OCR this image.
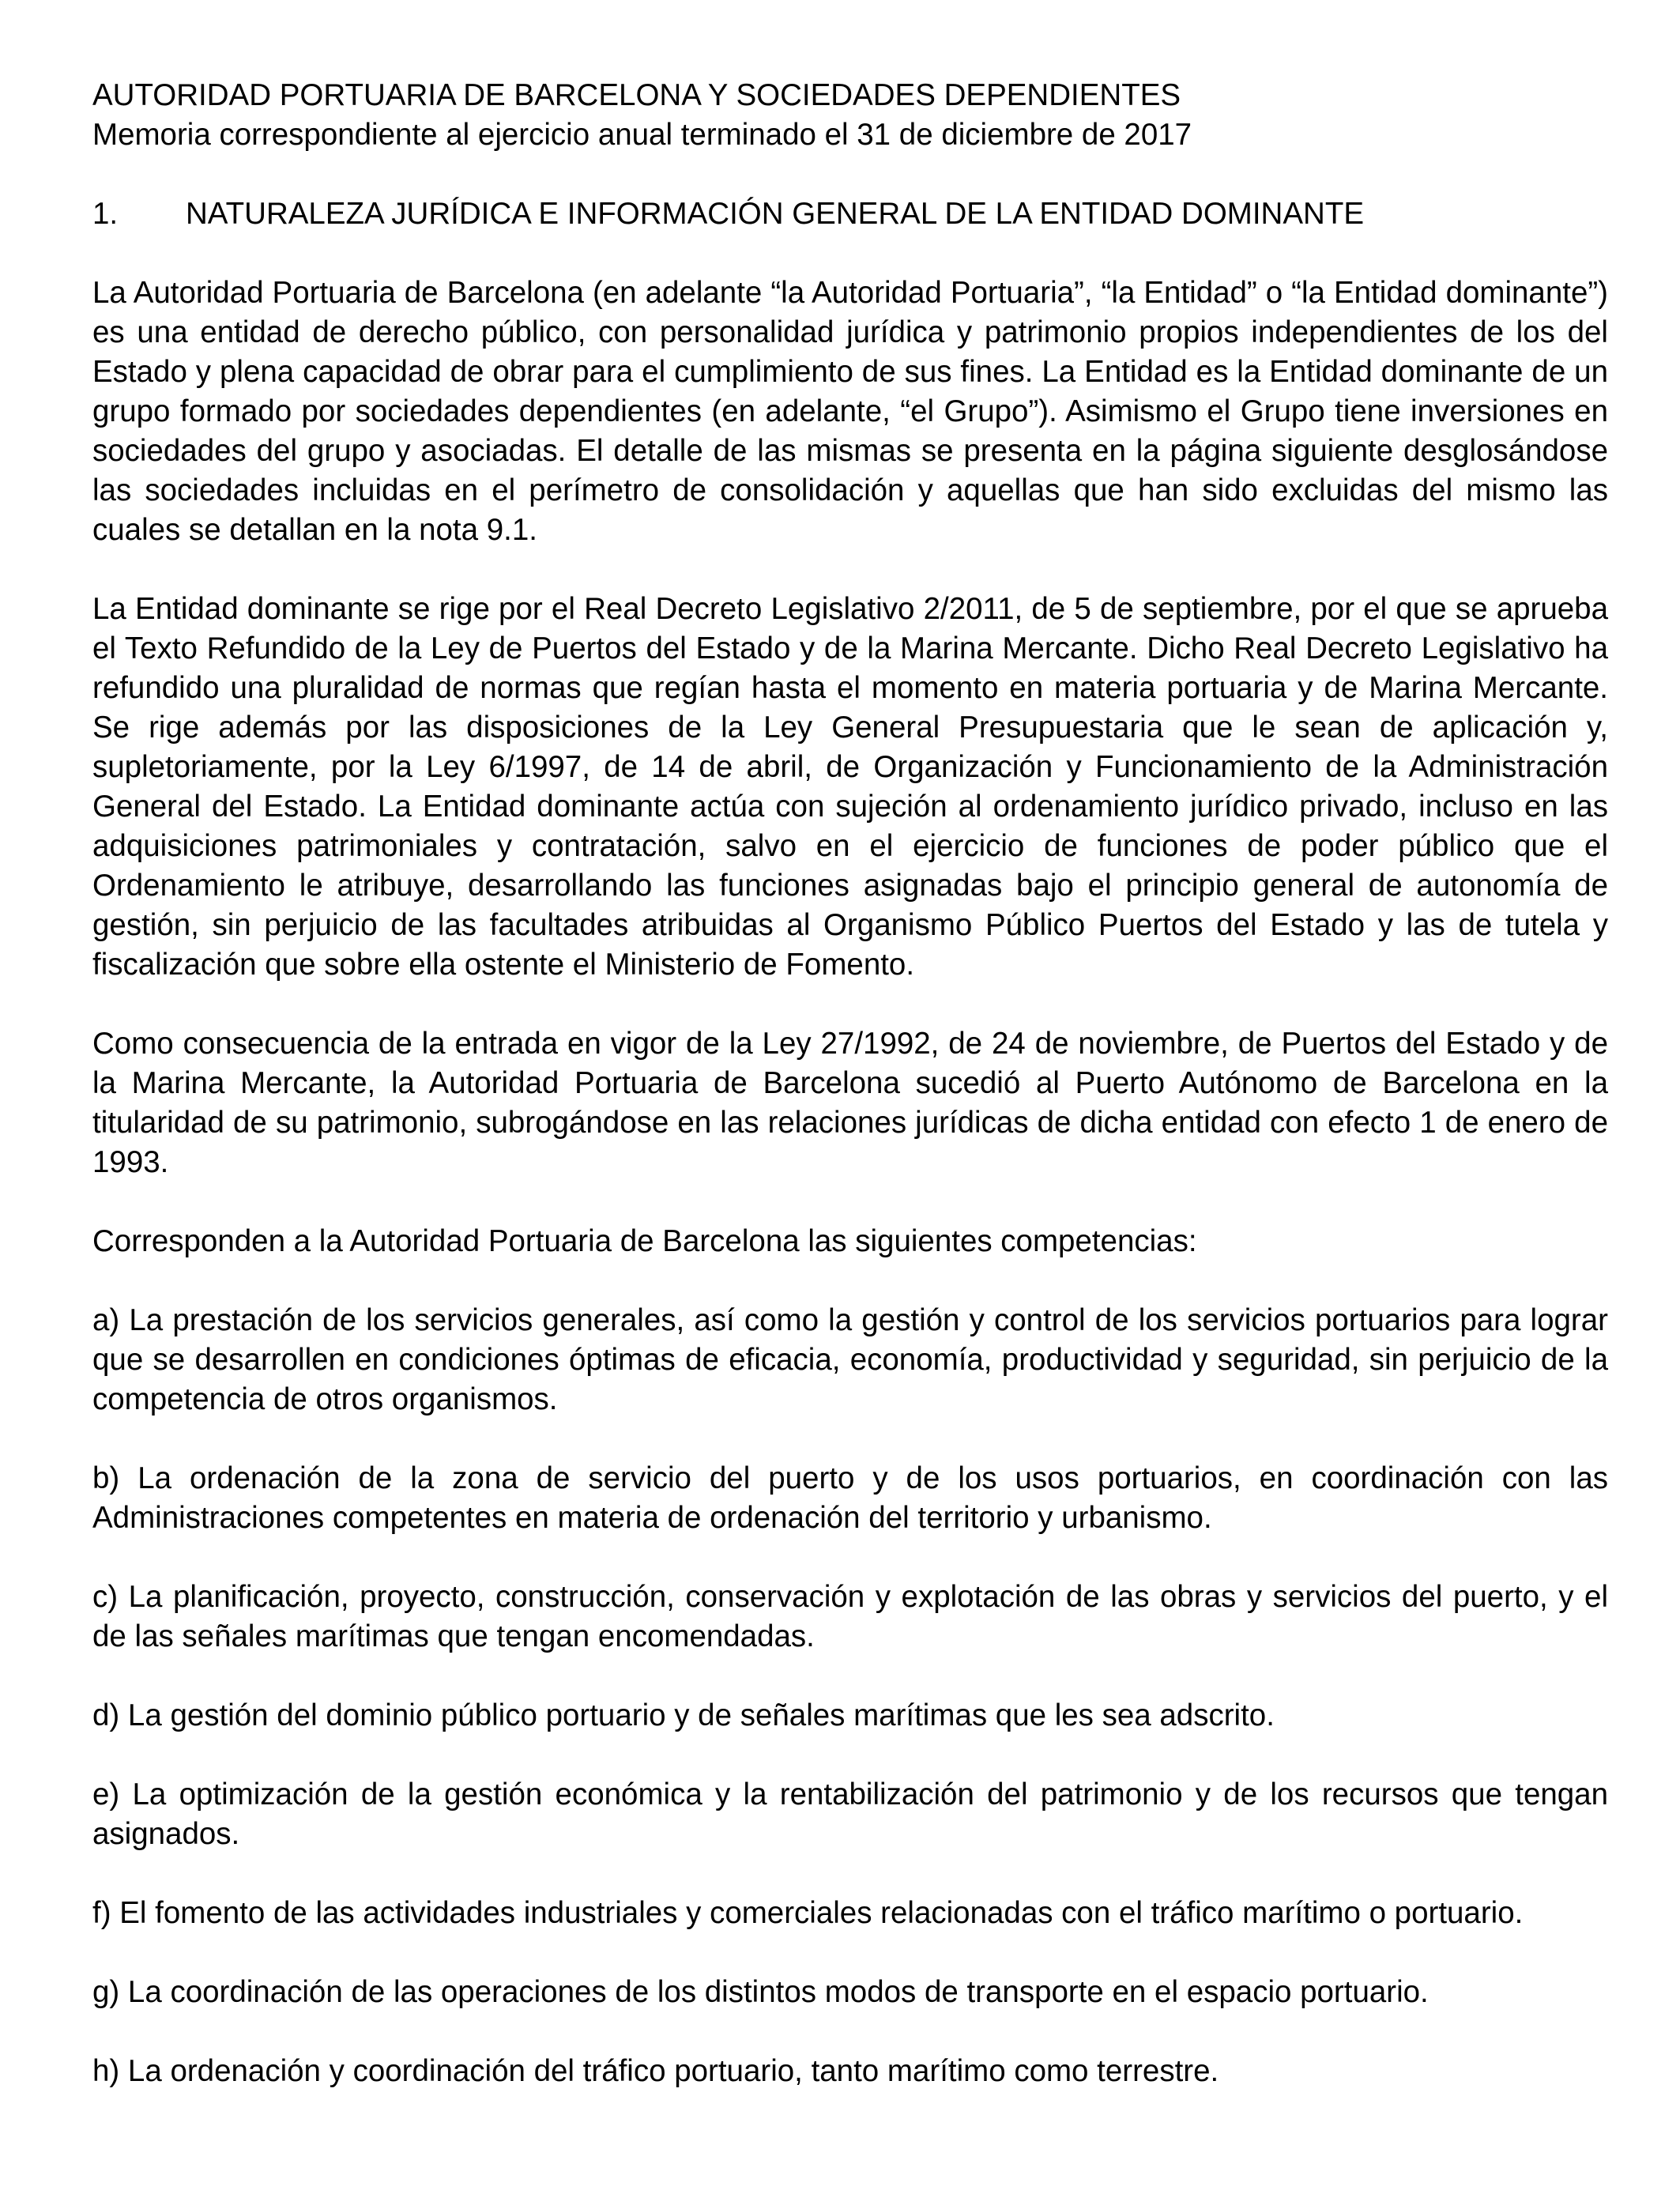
AUTORIDAD PORTUARIA DE BARCELONA Y SOCIEDADES DEPENDIENTES

Memoria correspondiente al ejercicio anual terminado el 31 de diciembre de 2017

1. NATURALEZA JURÍDICA E INFORMACIÓN GENERAL DE LA ENTIDAD DOMINANTE

La Autoridad Portuaria de Barcelona (en adelante “la Autoridad Portuaria”, “la Entidad” o “la Entidad dominante”) es una entidad de derecho público, con personalidad jurídica y patrimonio propios independientes de los del Estado y plena capacidad de obrar para el cumplimiento de sus fines. La Entidad es la Entidad dominante de un grupo formado por sociedades dependientes (en adelante, “el Grupo”). Asimismo el Grupo tiene inversiones en sociedades del grupo y asociadas. El detalle de las mismas se presenta en la página siguiente desglosándose las sociedades incluidas en el perímetro de consolidación y aquellas que han sido excluidas del mismo las cuales se detallan en la nota 9.1.

La Entidad dominante se rige por el Real Decreto Legislativo 2/2011, de 5 de septiembre, por el que se aprueba el Texto Refundido de la Ley de Puertos del Estado y de la Marina Mercante. Dicho Real Decreto Legislativo ha refundido una pluralidad de normas que regían hasta el momento en materia portuaria y de Marina Mercante. Se rige además por las disposiciones de la Ley General Presupuestaria que le sean de aplicación y, supletoriamente, por la Ley 6/1997, de 14 de abril, de Organización y Funcionamiento de la Administración General del Estado. La Entidad dominante actúa con sujeción al ordenamiento jurídico privado, incluso en las adquisiciones patrimoniales y contratación, salvo en el ejercicio de funciones de poder público que el Ordenamiento le atribuye, desarrollando las funciones asignadas bajo el principio general de autonomía de gestión, sin perjuicio de las facultades atribuidas al Organismo Público Puertos del Estado y las de tutela y fiscalización que sobre ella ostente el Ministerio de Fomento.

Como consecuencia de la entrada en vigor de la Ley 27/1992, de 24 de noviembre, de Puertos del Estado y de la Marina Mercante, la Autoridad Portuaria de Barcelona sucedió al Puerto Autónomo de Barcelona en la titularidad de su patrimonio, subrogándose en las relaciones jurídicas de dicha entidad con efecto 1 de enero de 1993.

Corresponden a la Autoridad Portuaria de Barcelona las siguientes competencias:

a) La prestación de los servicios generales, así como la gestión y control de los servicios portuarios para lograr que se desarrollen en condiciones óptimas de eficacia, economía, productividad y seguridad, sin perjuicio de la competencia de otros organismos.

b) La ordenación de la zona de servicio del puerto y de los usos portuarios, en coordinación con las Administraciones competentes en materia de ordenación del territorio y urbanismo.

c) La planificación, proyecto, construcción, conservación y explotación de las obras y servicios del puerto, y el de las señales marítimas que tengan encomendadas.

d) La gestión del dominio público portuario y de señales marítimas que les sea adscrito.

e) La optimización de la gestión económica y la rentabilización del patrimonio y de los recursos que tengan asignados.

f) El fomento de las actividades industriales y comerciales relacionadas con el tráfico marítimo o portuario.

g) La coordinación de las operaciones de los distintos modos de transporte en el espacio portuario.

h) La ordenación y coordinación del tráfico portuario, tanto marítimo como terrestre.
